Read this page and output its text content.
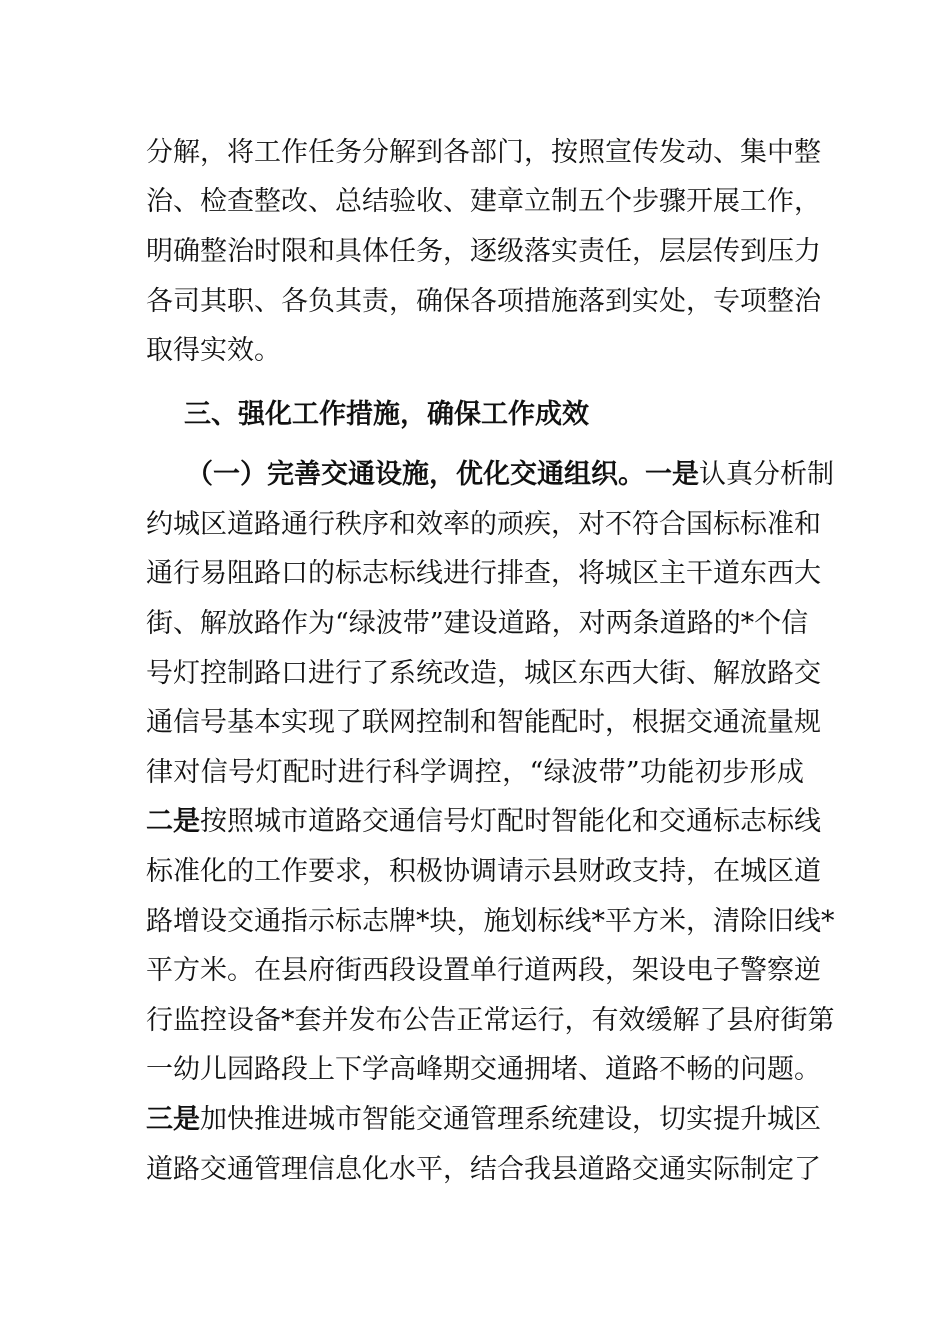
分解，将工作任务分解到各部门，按照宣传发动、集中整
治、检查整改、总结验收、建章立制五个步骤开展工作，
明确整治时限和具体任务，逐级落实责任，层层传到压力
各司其职、各负其责，确保各项措施落到实处，专项整治
取得实效。
三、强化工作措施，确保工作成效
（一）完善交通设施，优化交通组织。一是认真分析制
约城区道路通行秩序和效率的顽疾，对不符合国标标准和
通行易阻路口的标志标线进行排查，将城区主干道东西大
街、解放路作为“绿波带”建设道路，对两条道路的*个信
号灯控制路口进行了系统改造，城区东西大街、解放路交
通信号基本实现了联网控制和智能配时，根据交通流量规
律对信号灯配时进行科学调控，“绿波带”功能初步形成
二是按照城市道路交通信号灯配时智能化和交通标志标线
标准化的工作要求，积极协调请示县财政支持，在城区道
路增设交通指示标志牌*块，施划标线*平方米，清除旧线*
平方米。在县府街西段设置单行道两段，架设电子警察逆
行监控设备*套并发布公告正常运行，有效缓解了县府街第
一幼儿园路段上下学高峰期交通拥堵、道路不畅的问题。
三是加快推进城市智能交通管理系统建设，切实提升城区
道路交通管理信息化水平，结合我县道路交通实际制定了
